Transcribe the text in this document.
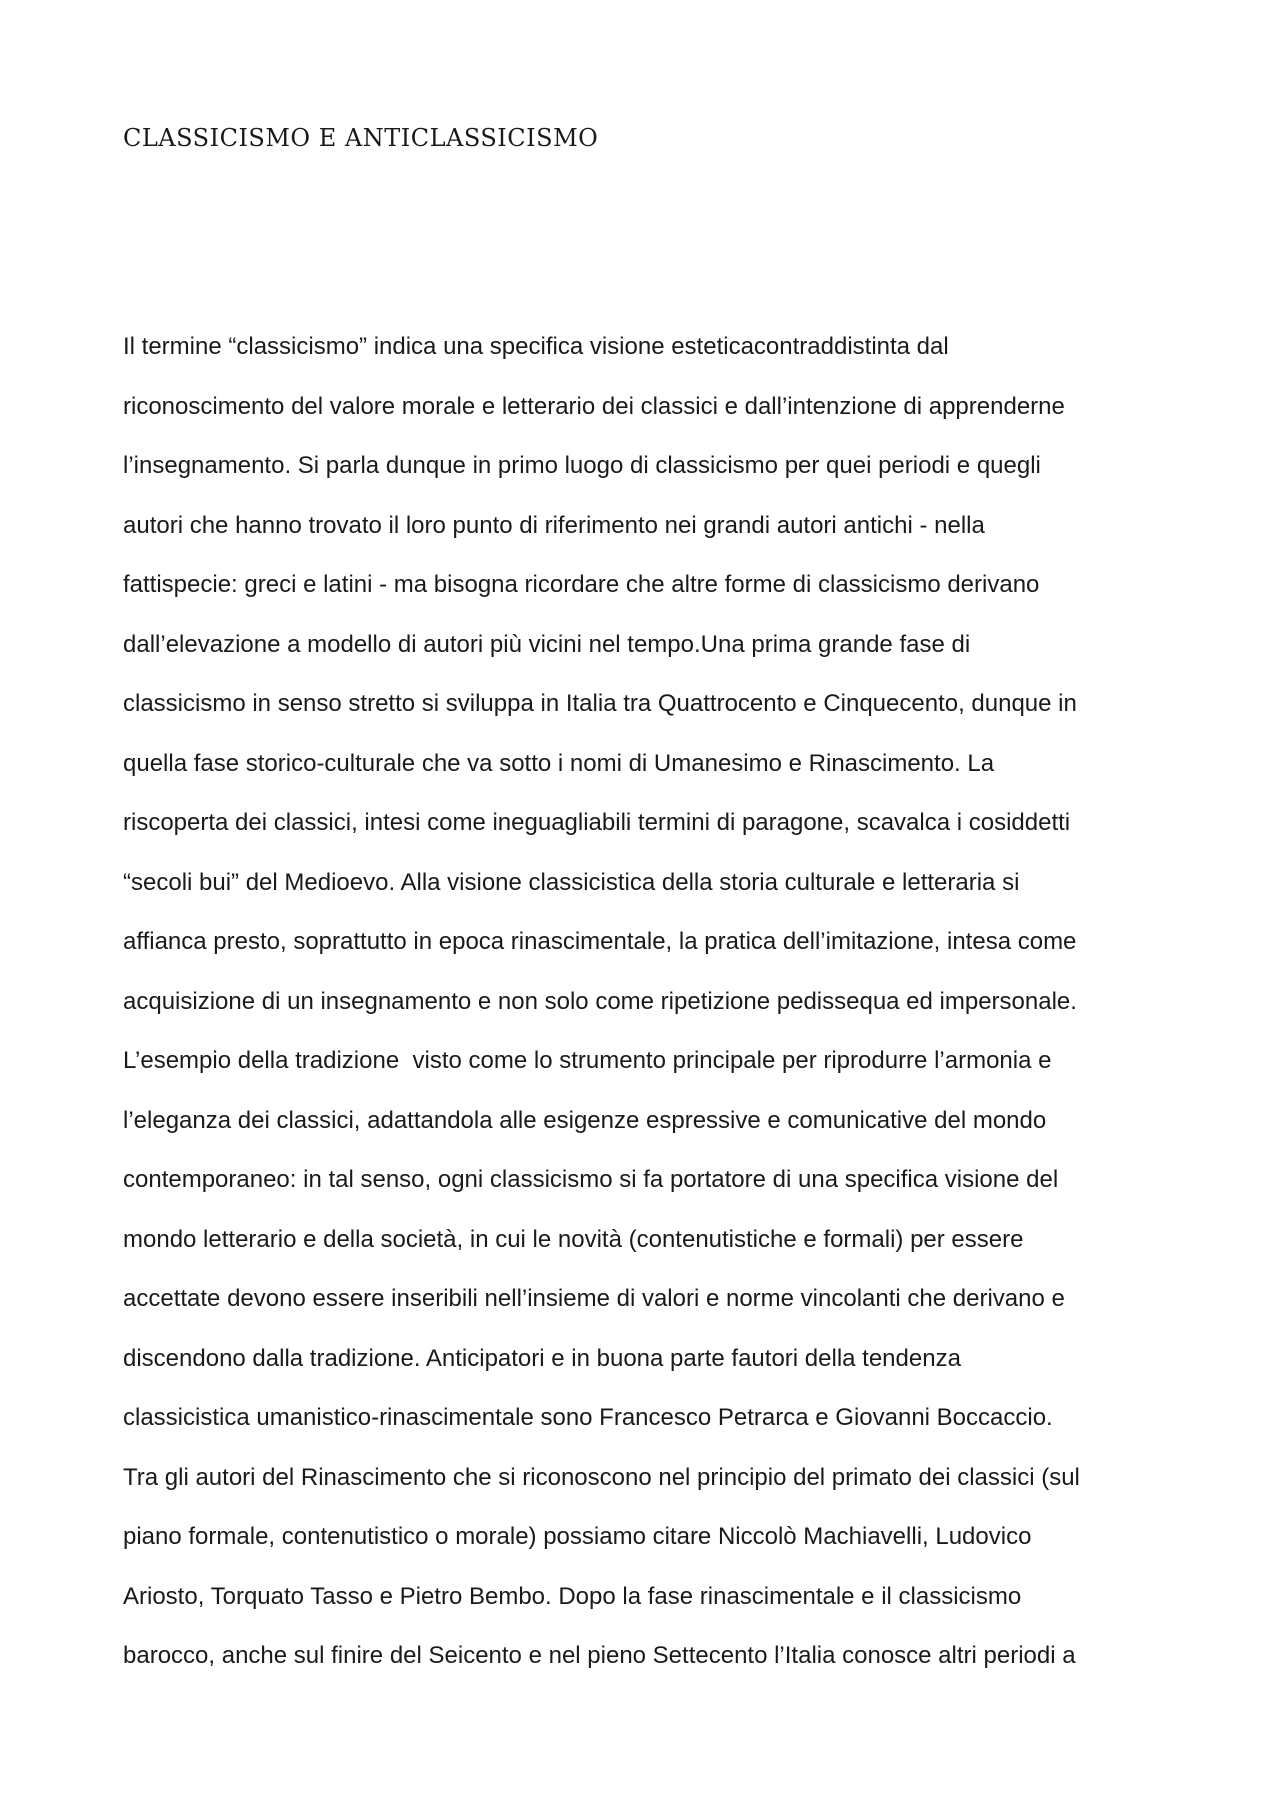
CLASSICISMO E ANTICLASSICISMO
Il termine “classicismo” indica una specifica visione esteticacontraddistinta dal
riconoscimento del valore morale e letterario dei classici e dall’intenzione di apprenderne
l’insegnamento. Si parla dunque in primo luogo di classicismo per quei periodi e quegli
autori che hanno trovato il loro punto di riferimento nei grandi autori antichi - nella
fattispecie: greci e latini - ma bisogna ricordare che altre forme di classicismo derivano
dall’elevazione a modello di autori più vicini nel tempo.Una prima grande fase di
classicismo in senso stretto si sviluppa in Italia tra Quattrocento e Cinquecento, dunque in
quella fase storico-culturale che va sotto i nomi di Umanesimo e Rinascimento. La
riscoperta dei classici, intesi come ineguagliabili termini di paragone, scavalca i cosiddetti
“secoli bui” del Medioevo. Alla visione classicistica della storia culturale e letteraria si
affianca presto, soprattutto in epoca rinascimentale, la pratica dell’imitazione, intesa come
acquisizione di un insegnamento e non solo come ripetizione pedissequa ed impersonale.
L’esempio della tradizione  visto come lo strumento principale per riprodurre l’armonia e
l’eleganza dei classici, adattandola alle esigenze espressive e comunicative del mondo
contemporaneo: in tal senso, ogni classicismo si fa portatore di una specifica visione del
mondo letterario e della società, in cui le novità (contenutistiche e formali) per essere
accettate devono essere inseribili nell’insieme di valori e norme vincolanti che derivano e
discendono dalla tradizione. Anticipatori e in buona parte fautori della tendenza
classicistica umanistico-rinascimentale sono Francesco Petrarca e Giovanni Boccaccio.
Tra gli autori del Rinascimento che si riconoscono nel principio del primato dei classici (sul
piano formale, contenutistico o morale) possiamo citare Niccolò Machiavelli, Ludovico
Ariosto, Torquato Tasso e Pietro Bembo. Dopo la fase rinascimentale e il classicismo
barocco, anche sul finire del Seicento e nel pieno Settecento l’Italia conosce altri periodi a
